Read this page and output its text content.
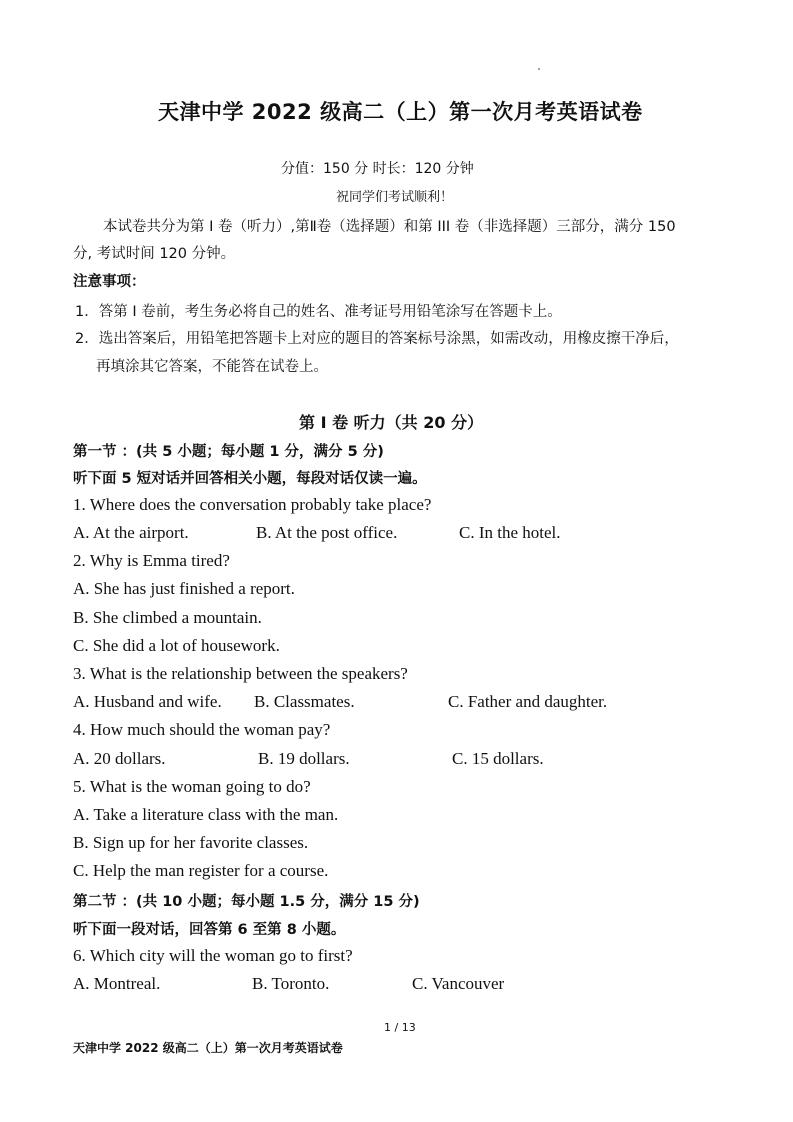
天津中学 2022 级高二（上）第一次月考英语试卷
分值：150 分 时长：120 分钟
祝同学们考试顺利！
本试卷共分为第 I 卷（听力）,第Ⅱ卷（选择题）和第 III 卷（非选择题）三部分，满分 150
分, 考试时间 120 分钟。
注意事项：
1．答第 I 卷前，考生务必将自己的姓名、准考证号用铅笔涂写在答题卡上。
2．选出答案后，用铅笔把答题卡上对应的题目的答案标号涂黑，如需改动，用橡皮擦干净后，
再填涂其它答案，不能答在试卷上。
第 I 卷 听力（共 20 分）
第一节 ：(共 5 小题；每小题 1 分，满分 5 分)
听下面 5 短对话并回答相关小题，每段对话仅读一遍。
1. Where does the conversation probably take place?
A. At the airport.	B. At the post office.	C. In the hotel.
2. Why is Emma tired?
A. She has just finished a report.
B. She climbed a mountain.
C. She did a lot of housework.
3. What is the relationship between the speakers?
A. Husband and wife. B. Classmates.	C. Father and daughter.
4. How much should the woman pay?
A. 20 dollars.	B. 19 dollars.	C. 15 dollars.
5. What is the woman going to do?
A. Take a literature class with the man.
B. Sign up for her favorite classes.
C. Help the man register for a course.
第二节 ：(共 10 小题；每小题 1.5 分，满分 15 分)
听下面一段对话，回答第 6 至第 8 小题。
6. Which city will the woman go to first?
A. Montreal.	B. Toronto.	C. Vancouver
1 / 13
天津中学 2022 级高二（上）第一次月考英语试卷
